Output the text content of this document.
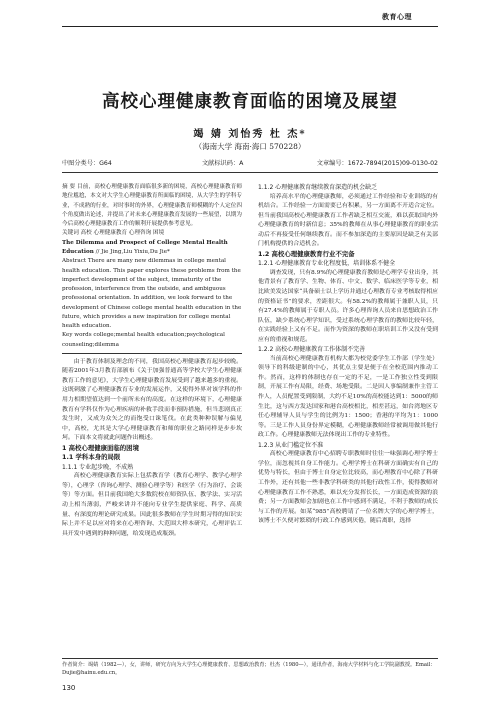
教育心理
高校心理健康教育面临的困境及展望
竭 婧 刘怡秀 杜 杰*
（海南大学 海南·海口 570228）
中图分类号：G64	文献标识码：A	文章编号：1672-7894(2015)09-0130-02

摘 要 目前，高校心理健康教育面临很多新的困境，高校心理健康教育师地位尴尬，本文对大学生心理健康教育所面临的困境，从大学生的学科专业，不成熟的行业，对时事时的外界，心理健康教育师模糊的个人定位四个角度做出论述，并提出了对未来心理健康教育发展的一些展望，以期为今后高校心理健康教育工作的顺利开展提供参考意见。

关键词 高校 心理健康教育 心理咨询 困境

The Dilemma and Prospect of College Mental Health Education // Jie Jing,Liu Yixiu,Du Jie*
Abstract There are many new dilemmas in college mental health education. This paper explores these problems from the imperfect development of the subject, immaturity of the profession, interference from the outside, and ambiguous professional orientation. In addition, we look forward to the development of Chinese college mental health education in the future, which provides a new inspiration for college mental health education.
Key words college;mental health education;psychological counseling;dilemma

由于教育体制及理念的不同，我国高校心理健康教育起步较晚。随着2001年3月教育部颁布《关于加强普通高等学校大学生心理健康教育工作的意见》，大学生心理健康教育发展受到了越来越多的重视。这既刺激了心理健康教育专业的发展运作，又使得外界对该学科的作用力相期望值达到一个前所未有的高度。在这样的环境下，心理健康教育有学科仅作为心理疾病的补救手段而非预防措施，但当悲剧真正发生时，又成为众矢之的而饱受口诛笔伐。在此类种种误解与偏见中，高校，尤其是大学心理健康教育和师的职业之路同样是步步坎坷。下面本文将就此问题作出概述。

1 高校心理健康面临的困境

1.1 学科本身的局限

1.1.1 专业起步晚，不成熟

高校心理健康教育实际上包括教育学（教育心理学、教学心理学等），心理学（咨询心理学、测验心理学等）和医学（行为治疗、会谈等）等方面。但目前我国绝大多数院校在师资队伍、教学法、实习活动上相当薄弱，严峻来讲并不能向专业学生提供家庭、科学、高质量、有深度的理论研究成果。因此很多教师在学生时期习得的知识实际上并不足以应对将来在心理咨询、大范围大样本研究，心理评估工具开发中遇到的种种问题，给发现造成瓶颈。

1.1.2 心理健康教育继续教育深造的机会缺乏

培养高水平的心理健康教师，必须通过工作经验和专业训练的有机结合。工作经验一方面需要已有积累，另一方面离不开适合定位。但当前我国高校心理健康教育工作者缺乏相互交流，难以获取国内外心理健康教育的时新信息；35%的教师在从事心理健康教育的职业活动后不再接受任何继续教育。而不参加深造的主要原因是缺乏有关部门机构提供的合适机会。

1.2 高校心理健康教育行业不完备

1.2.1 心理健康教育专业化程度低，培训体系不健全

调查发现，只有8.9%的心理健康教育教师是心理学专业出身，其他背景有了教育学、生物、体育、中文、数学、临床医学等专业，相比欧美发达国家“具备硕士以上学历并通过心理教育专业考核取得相应的资格证书”的要求，差距很大。有58.2%的教师属于兼职人员，只有27.4%的教师属于专职人员。许多心理咨询人员来自思想政治工作队伍，缺少系统心理学知识，受过系统心理学教育的教师比较年轻，在实践经验上又有不足。而作为资深的教师在职培训工作又没有受到应有的重视和规范。

1.2.2 高校心理健康教育工作体制不完善

当前高校心理健康教育机构大都为校党委学生工作部（学生处）领导下的科级建制的中心，其优点主要是便于在全校范围内推动工作。然而，这样的体制也存在一定的不足，一是工作独立性受到限制，开展工作有局限，经费、场地受限。二是因人事编制兼作主管工作人，人员配置受到限制，大约不足10%的高校能达到1：5000的师生比，这与西方发达国家和港台高校相比，相差甚远，如台湾地区专任心理辅导人员与学生的比例为1：1500；香港的平均为1：1000等。三是工作人员身份界定模糊，心理健康教师经常被调用做其他行政工作。心理健康教师无法体现出工作的专业特性。

1.2.3 从业门槛定位不准

高校心理健康教育中心招聘专职教师时往往一味强调心理学博士学位，而忽视其自身工作能力。心理学博士在科研方面确实有自己的优势与特长，但由于博士自身定位比较高，而心理教育中心除了科研工作外，还有其他一些非教学科研类的其他行政性工作，使得教师对心理健康教育工作不熟悉，难以充分发挥长长，一方面造成资源的浪费；另一方面教师会加剧也在工作中感到不满足，不利于教师的成长与工作的开展。如某“985”高校聘请了一位名牌大学的心理学博士，该博士不久便对繁琐的行政工作感到厌倦，随后离职，选择

作者简介：竭婧（1982—），女，讲师，研究方向为大学生心理健康教育、思想政治教育；杜杰（1980—），通讯作者，海南大学材料与化工学院副教授。Email：Dujie@hainu.edu.cn。
130
